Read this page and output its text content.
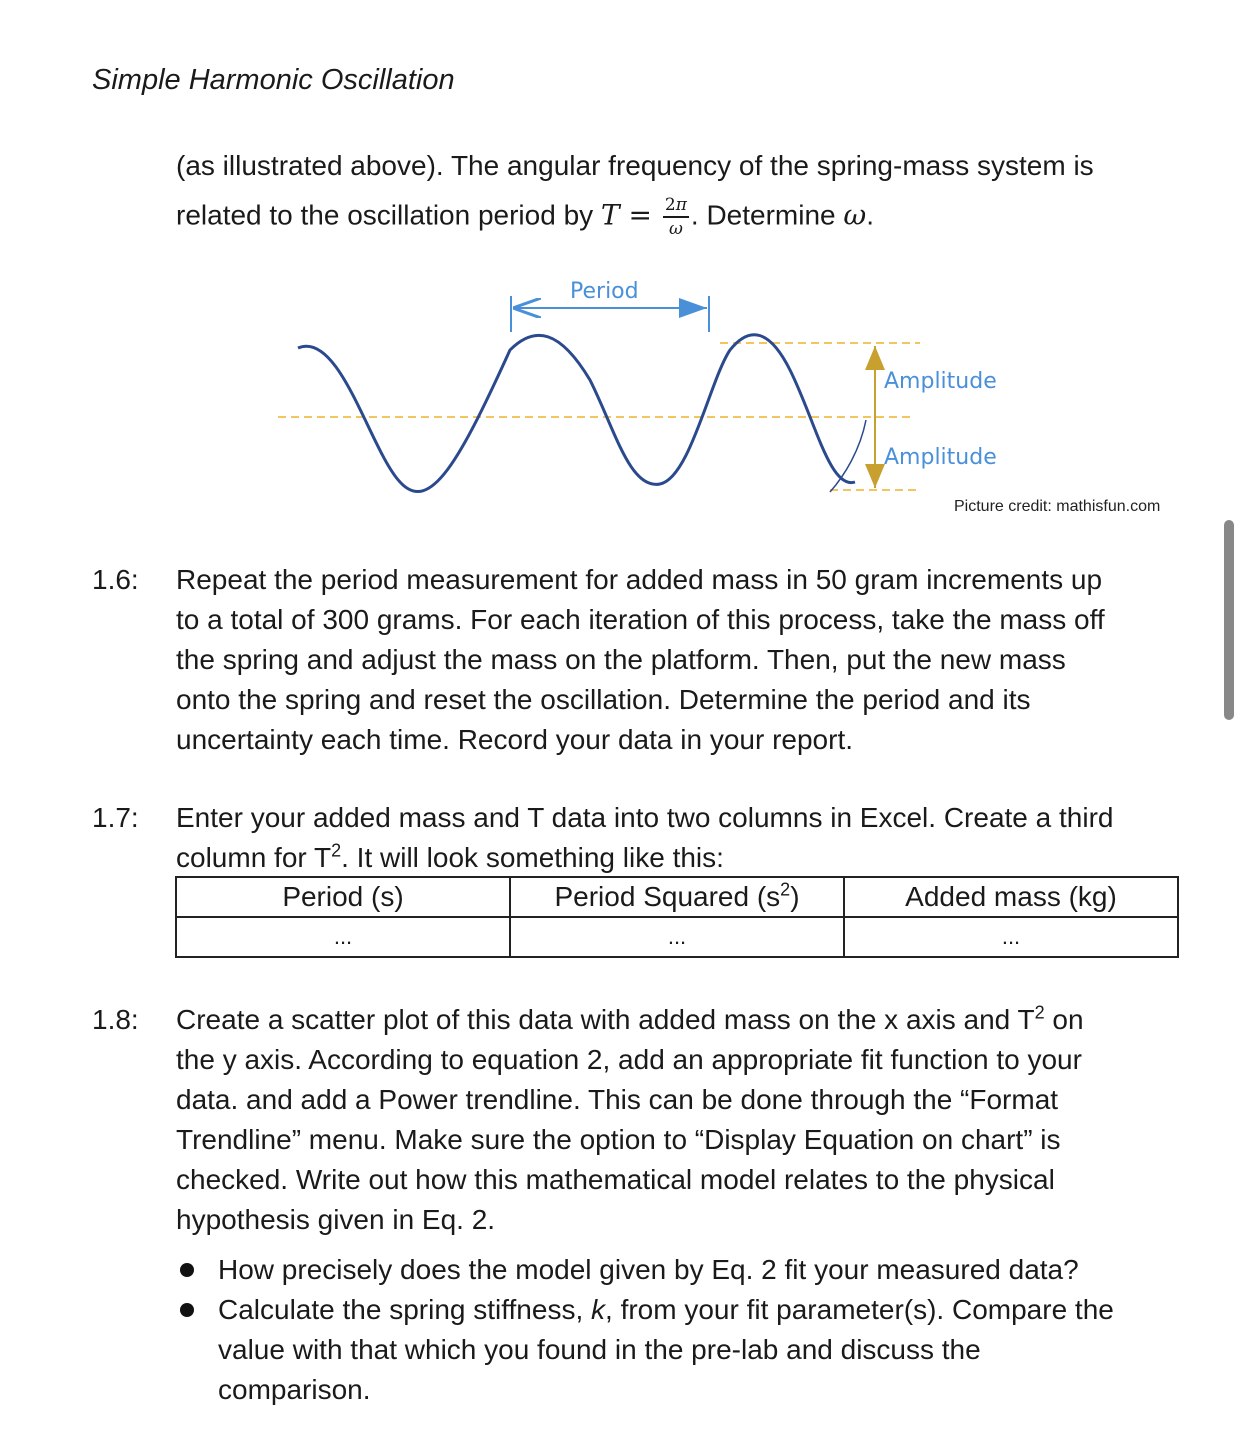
Simple Harmonic Oscillation
(as illustrated above). The angular frequency of the spring-mass system is
related to the oscillation period by $T = \frac{2\pi}{\omega}$ . Determine ω.
Period
Amplitude
Amplitude
Picture credit: mathisfun.com
1.6: Repeat the period measurement for added mass in 50 gram increments up
to a total of 300 grams. For each iteration of this process, take the mass off
the spring and adjust the mass on the platform. Then, put the new mass
onto the spring and reset the oscillation. Determine the period and its
uncertainty each time. Record your data in your report.
1.7: Enter your added mass and T data into two columns in Excel. Create a third
column for $T^2$. It will look something like this:
Period (s)	Period Squared $(s^2)$	Added mass (kg)
...	...	...
1.8: Create a scatter plot of this data with added mass on the x axis and $T^2$ on
the y axis. According to equation 2, add an appropriate fit function to your
data. and add a Power trendline. This can be done through the “Format
Trendline” menu. Make sure the option to “Display Equation on chart” is
checked. Write out how this mathematical model relates to the physical
hypothesis given in Eq. 2.
How precisely does the model given by Eq. 2 fit your measured data?
Calculate the spring stiffness, k, from your fit parameter(s). Compare the
value with that which you found in the pre-lab and discuss the
comparison.
